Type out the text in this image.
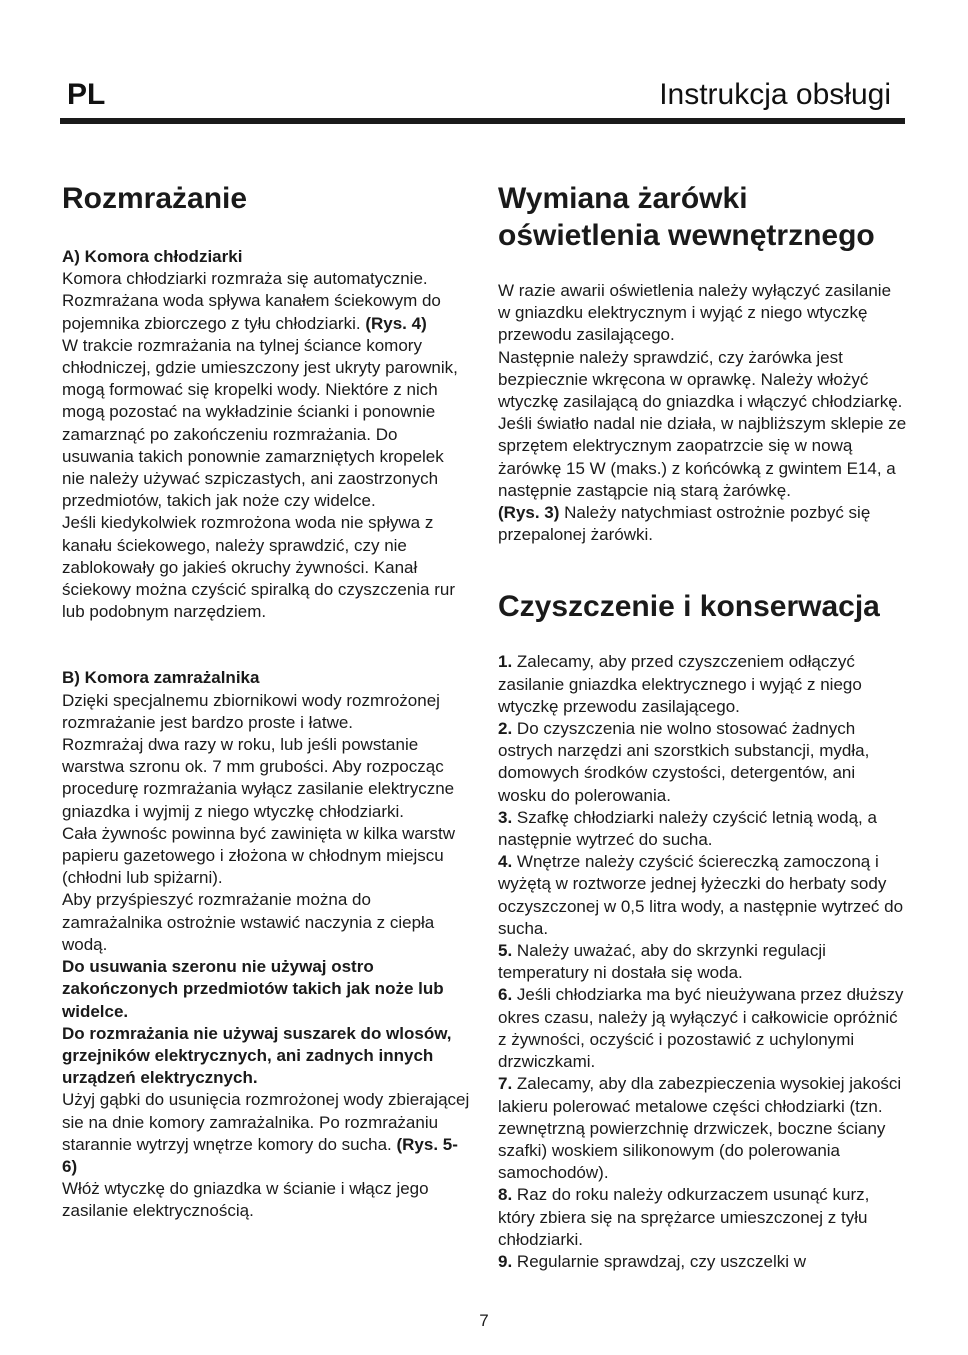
PL	Instrukcja obsługi
Rozmrażanie
A) Komora chłodziarki

Komora chłodziarki rozmraża się automatycznie. Rozmrażana woda spływa kanałem ściekowym do pojemnika zbiorczego z tyłu chłodziarki. (Rys. 4)

W trakcie rozmrażania na tylnej ściance komory chłodniczej, gdzie umieszczony jest ukryty parownik, mogą formować się kropelki wody. Niektóre z nich mogą pozostać na wykładzinie ścianki i ponownie zamarznąć po zakończeniu rozmrażania. Do usuwania takich ponownie zamarzniętych kropelek nie należy używać szpiczastych, ani zaostrzonych przedmiotów, takich jak noże czy widelce.

Jeśli kiedykolwiek rozmrożona woda nie spływa z kanału ściekowego, należy sprawdzić, czy nie zablokowały go jakieś okruchy żywności. Kanał ściekowy można czyścić spiralką do czyszczenia rur lub podobnym narzędziem.

B) Komora zamrażalnika

Dzięki specjalnemu zbiornikowi wody rozmrożonej rozmrażanie jest bardzo proste i łatwe.

Rozmrażaj dwa razy w roku, lub jeśli powstanie warstwa szronu ok. 7 mm grubości. Aby rozpocząc procedurę rozmrażania wyłącz zasilanie elektryczne gniazdka i wyjmij z niego wtyczkę chłodziarki.

Cała żywnośc powinna być zawinięta w kilka warstw papieru gazetowego i złożona w chłodnym miejscu (chłodni lub spiżarni).

Aby przyśpieszyć rozmrażanie można do zamrażalnika ostrożnie wstawić naczynia z ciepła wodą.

Do usuwania szeronu nie używaj ostro zakończonych przedmiotów takich jak noże lub widelce.

Do rozmrażania nie używaj suszarek do wlosów, grzejników elektrycznych, ani zadnych innych urządzeń elektrycznych.

Użyj gąbki do usunięcia rozmrożonej wody zbierającej sie na dnie komory zamrażalnika. Po rozmrażaniu starannie wytrzyj wnętrze komory do sucha. (Rys. 5-6)

Włóż wtyczkę do gniazdka w ścianie i włącz jego zasilanie elektrycznością.

Wymiana żarówki oświetlenia wewnętrznego

W razie awarii oświetlenia należy wyłączyć zasilanie w gniazdku elektrycznym i wyjąć z niego wtyczkę przewodu zasilającego.

Następnie należy sprawdzić, czy żarówka jest bezpiecznie wkręcona w oprawkę. Należy włożyć wtyczkę zasilającą do gniazdka i włączyć chłodziarkę.

Jeśli światło nadal nie działa, w najbliższym sklepie ze sprzętem elektrycznym zaopatrzcie się w nową żarówkę 15 W (maks.) z końcówką z gwintem E14, a następnie zastąpcie nią starą żarówkę.

(Rys. 3) Należy natychmiast ostrożnie pozbyć się przepalonej żarówki.

Czyszczenie i konserwacja

1. Zalecamy, aby przed czyszczeniem odłączyć zasilanie gniazdka elektrycznego i wyjąć z niego wtyczkę przewodu zasilającego.

2. Do czyszczenia nie wolno stosować żadnych ostrych narzędzi ani szorstkich substancji, mydła, domowych środków czystości, detergentów, ani wosku do polerowania.

3. Szafkę chłodziarki należy czyścić letnią wodą, a następnie wytrzeć do sucha.

4. Wnętrze należy czyścić ściereczką zamoczoną i wyżętą w roztworze jednej łyżeczki do herbaty sody oczyszczonej w 0,5 litra wody, a następnie wytrzeć do sucha.

5. Należy uważać, aby do skrzynki regulacji temperatury ni dostała się woda.

6. Jeśli chłodziarka ma być nieużywana przez dłuższy okres czasu, należy ją wyłączyć i całkowicie opróżnić z żywności, oczyścić i pozostawić z uchylonymi drzwiczkami.

7. Zalecamy, aby dla zabezpieczenia wysokiej jakości lakieru polerować metalowe części chłodziarki (tzn. zewnętrzną powierzchnię drzwiczek, boczne ściany szafki) woskiem silikonowym (do polerowania samochodów).

8. Raz do roku należy odkurzaczem usunąć kurz, który zbiera się na sprężarce umieszczonej z tyłu chłodziarki.

9. Regularnie sprawdzaj, czy uszczelki w

7
